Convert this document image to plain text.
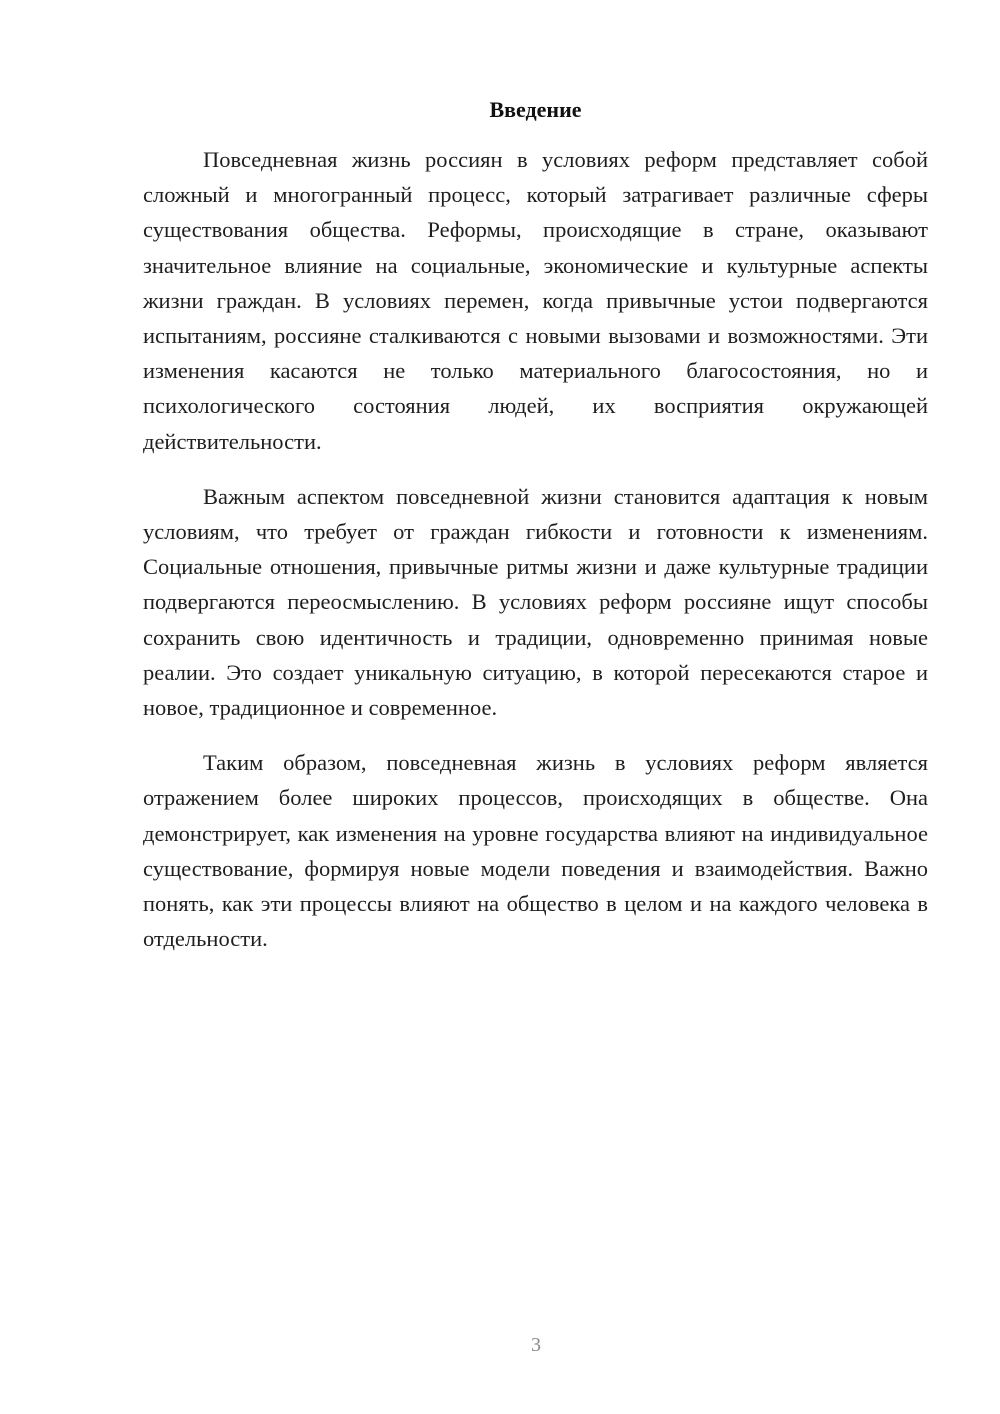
Введение

Повседневная жизнь россиян в условиях реформ представляет собой сложный и многогранный процесс, который затрагивает различные сферы существования общества. Реформы, происходящие в стране, оказывают значительное влияние на социальные, экономические и культурные аспекты жизни граждан. В условиях перемен, когда привычные устои подвергаются испытаниям, россияне сталкиваются с новыми вызовами и возможностями. Эти изменения касаются не только материального благосостояния, но и психологического состояния людей, их восприятия окружающей действительности.

Важным аспектом повседневной жизни становится адаптация к новым условиям, что требует от граждан гибкости и готовности к изменениям. Социальные отношения, привычные ритмы жизни и даже культурные традиции подвергаются переосмыслению. В условиях реформ россияне ищут способы сохранить свою идентичность и традиции, одновременно принимая новые реалии. Это создает уникальную ситуацию, в которой пересекаются старое и новое, традиционное и современное.

Таким образом, повседневная жизнь в условиях реформ является отражением более широких процессов, происходящих в обществе. Она демонстрирует, как изменения на уровне государства влияют на индивидуальное существование, формируя новые модели поведения и взаимодействия. Важно понять, как эти процессы влияют на общество в целом и на каждого человека в отдельности.

3
